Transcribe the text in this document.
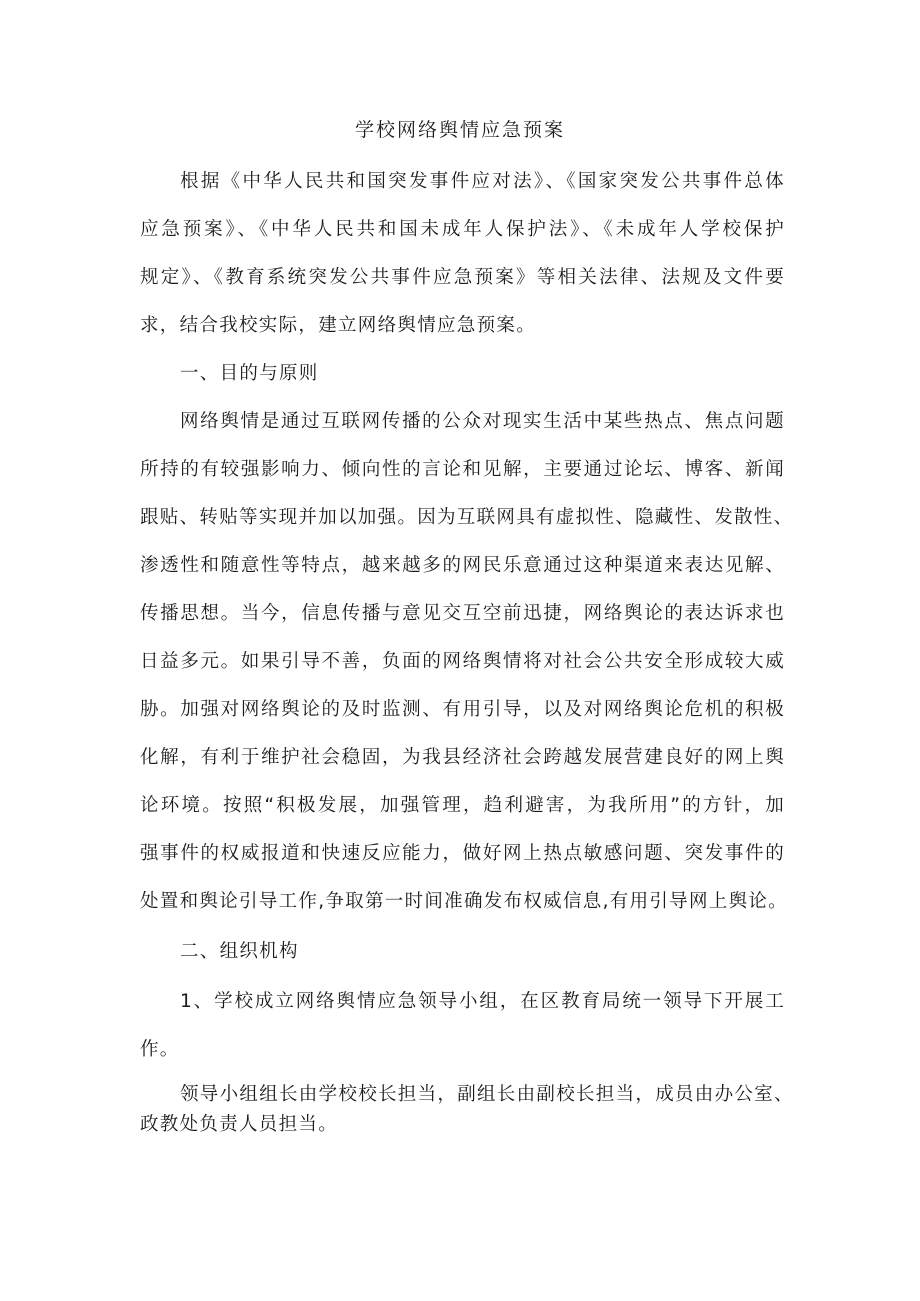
学校网络舆情应急预案
根据《中华人民共和国突发事件应对法》、《国家突发公共事件总体
应急预案》、《中华人民共和国未成年人保护法》、《未成年人学校保护
规定》、《教育系统突发公共事件应急预案》等相关法律、法规及文件要
求，结合我校实际，建立网络舆情应急预案。
一、目的与原则
网络舆情是通过互联网传播的公众对现实生活中某些热点、焦点问题
所持的有较强影响力、倾向性的言论和见解，主要通过论坛、博客、新闻
跟贴、转贴等实现并加以加强。因为互联网具有虚拟性、隐藏性、发散性、
渗透性和随意性等特点，越来越多的网民乐意通过这种渠道来表达见解、
传播思想。当今，信息传播与意见交互空前迅捷，网络舆论的表达诉求也
日益多元。如果引导不善，负面的网络舆情将对社会公共安全形成较大威
胁。加强对网络舆论的及时监测、有用引导，以及对网络舆论危机的积极
化解，有利于维护社会稳固，为我县经济社会跨越发展营建良好的网上舆
论环境。按照“积极发展，加强管理，趋利避害，为我所用”的方针，加
强事件的权威报道和快速反应能力，做好网上热点敏感问题、突发事件的
处置和舆论引导工作,争取第一时间准确发布权威信息,有用引导网上舆论。
二、组织机构
1、学校成立网络舆情应急领导小组，在区教育局统一领导下开展工
作。
领导小组组长由学校校长担当，副组长由副校长担当，成员由办公室、
政教处负责人员担当。
